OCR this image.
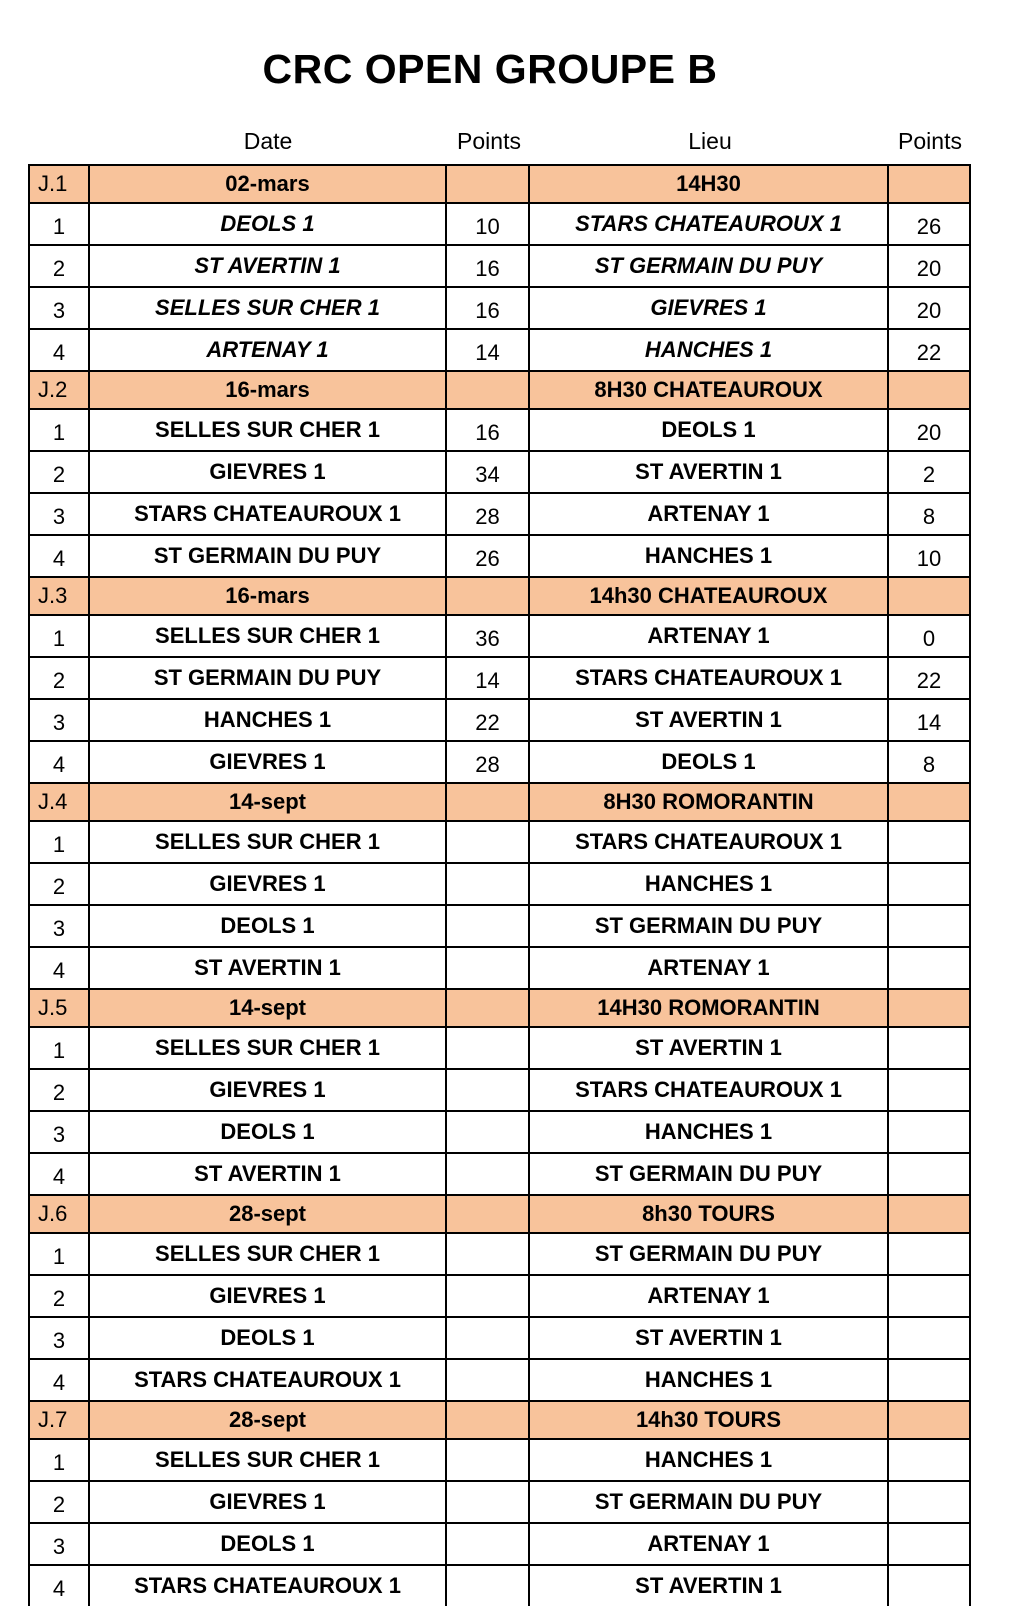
CRC OPEN GROUPE B
Date	Points	Lieu	Points
J.1	02-mars		14H30	
1	DEOLS 1	10	STARS CHATEAUROUX 1	26
2	ST AVERTIN 1	16	ST GERMAIN DU PUY	20
3	SELLES SUR CHER 1	16	GIEVRES 1	20
4	ARTENAY 1	14	HANCHES 1	22
J.2	16-mars		8H30 CHATEAUROUX	
1	SELLES SUR CHER 1	16	DEOLS 1	20
2	GIEVRES 1	34	ST AVERTIN 1	2
3	STARS CHATEAUROUX 1	28	ARTENAY 1	8
4	ST GERMAIN DU PUY	26	HANCHES 1	10
J.3	16-mars		14h30 CHATEAUROUX	
1	SELLES SUR CHER 1	36	ARTENAY 1	0
2	ST GERMAIN DU PUY	14	STARS CHATEAUROUX 1	22
3	HANCHES 1	22	ST AVERTIN 1	14
4	GIEVRES 1	28	DEOLS 1	8
J.4	14-sept		8H30 ROMORANTIN	
1	SELLES SUR CHER 1		STARS CHATEAUROUX 1	
2	GIEVRES 1		HANCHES 1	
3	DEOLS 1		ST GERMAIN DU PUY	
4	ST AVERTIN 1		ARTENAY 1	
J.5	14-sept		14H30 ROMORANTIN	
1	SELLES SUR CHER 1		ST AVERTIN 1	
2	GIEVRES 1		STARS CHATEAUROUX 1	
3	DEOLS 1		HANCHES 1	
4	ST AVERTIN 1		ST GERMAIN DU PUY	
J.6	28-sept		8h30 TOURS	
1	SELLES SUR CHER 1		ST GERMAIN DU PUY	
2	GIEVRES 1		ARTENAY 1	
3	DEOLS 1		ST AVERTIN 1	
4	STARS CHATEAUROUX 1		HANCHES 1	
J.7	28-sept		14h30 TOURS	
1	SELLES SUR CHER 1		HANCHES 1	
2	GIEVRES 1		ST GERMAIN DU PUY	
3	DEOLS 1		ARTENAY 1	
4	STARS CHATEAUROUX 1		ST AVERTIN 1	
